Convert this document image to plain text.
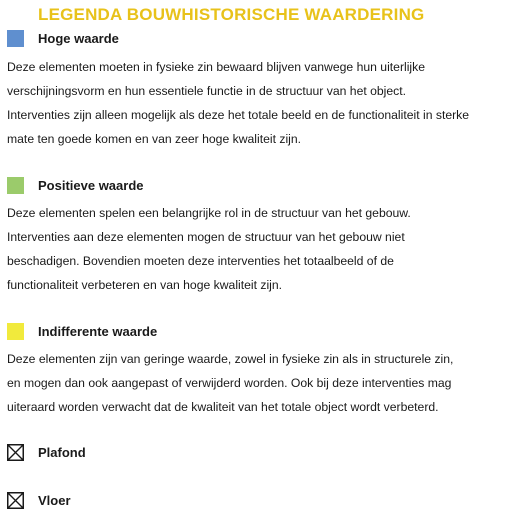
LEGENDA BOUWHISTORISCHE WAARDERING
Hoge waarde
Deze elementen moeten in fysieke zin bewaard blijven vanwege hun uiterlijke
verschijningsvorm en hun essentiele functie in de structuur van het object.
Interventies zijn alleen mogelijk als deze het totale beeld en de functionaliteit in sterke
mate ten goede komen en van zeer hoge kwaliteit zijn.
Positieve waarde
Deze elementen spelen een belangrijke rol in de structuur van het gebouw.
Interventies aan deze elementen mogen de structuur van het gebouw niet
beschadigen. Bovendien moeten deze interventies het totaalbeeld of de
functionaliteit verbeteren en van hoge kwaliteit zijn.
Indifferente waarde
Deze elementen zijn van geringe waarde, zowel in fysieke zin als in structurele zin,
en mogen dan ook aangepast of verwijderd worden. Ook bij deze interventies mag
uiteraard worden verwacht dat de kwaliteit van het totale object wordt verbeterd.
Plafond
Vloer
